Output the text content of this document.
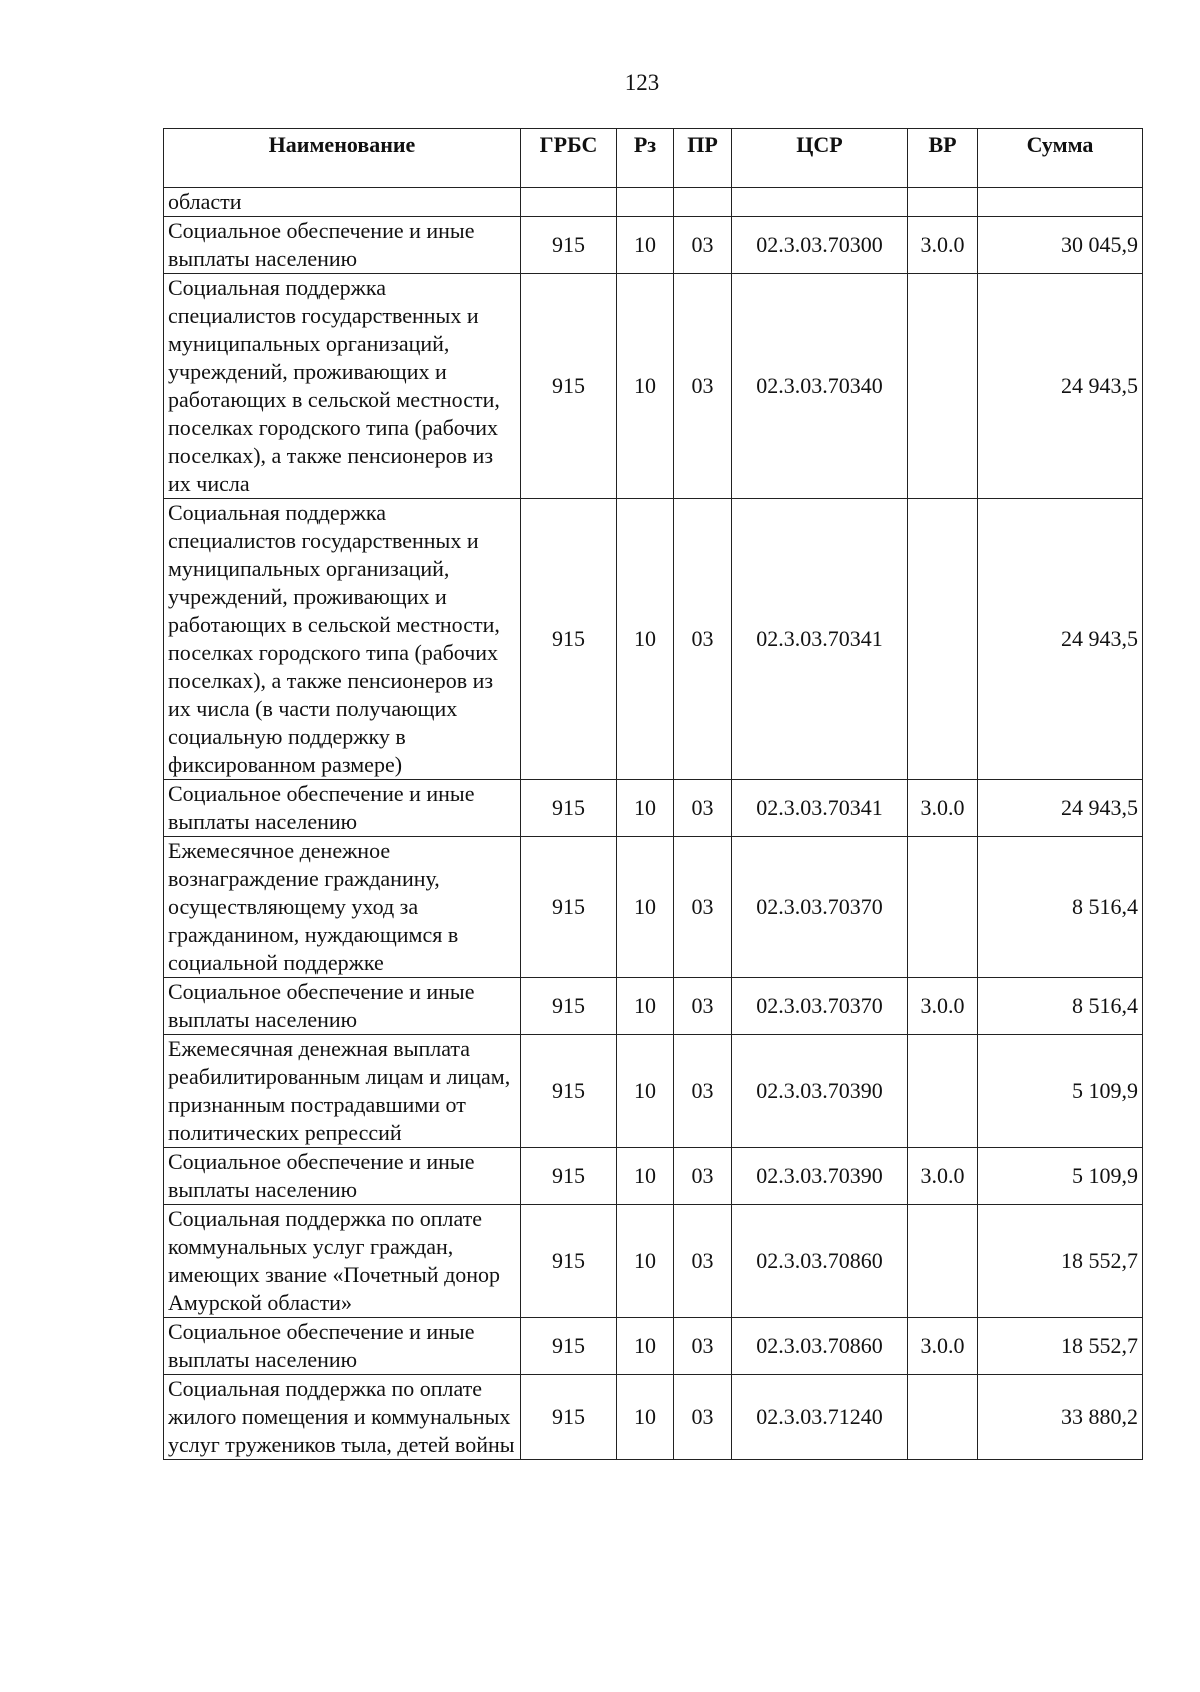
123
Наименование	ГРБС	Рз	ПР	ЦСР	ВР	Сумма
области						
Социальное обеспечение и иные выплаты населению	915	10	03	02.3.03.70300	3.0.0	30 045,9
Социальная поддержка специалистов государственных и муниципальных организаций, учреждений, проживающих и работающих в сельской местности, поселках городского типа (рабочих поселках), а также пенсионеров из их числа	915	10	03	02.3.03.70340		24 943,5
Социальная поддержка специалистов государственных и муниципальных организаций, учреждений, проживающих и работающих в сельской местности, поселках городского типа (рабочих поселках), а также пенсионеров из их числа (в части получающих социальную поддержку в фиксированном размере)	915	10	03	02.3.03.70341		24 943,5
Социальное обеспечение и иные выплаты населению	915	10	03	02.3.03.70341	3.0.0	24 943,5
Ежемесячное денежное вознаграждение гражданину, осуществляющему уход за гражданином, нуждающимся в социальной поддержке	915	10	03	02.3.03.70370		8 516,4
Социальное обеспечение и иные выплаты населению	915	10	03	02.3.03.70370	3.0.0	8 516,4
Ежемесячная денежная выплата реабилитированным лицам и лицам, признанным пострадавшими от политических репрессий	915	10	03	02.3.03.70390		5 109,9
Социальное обеспечение и иные выплаты населению	915	10	03	02.3.03.70390	3.0.0	5 109,9
Социальная поддержка по оплате коммунальных услуг граждан, имеющих звание «Почетный донор Амурской области»	915	10	03	02.3.03.70860		18 552,7
Социальное обеспечение и иные выплаты населению	915	10	03	02.3.03.70860	3.0.0	18 552,7
Социальная поддержка по оплате жилого помещения и коммунальных услуг тружеников тыла, детей войны	915	10	03	02.3.03.71240		33 880,2
